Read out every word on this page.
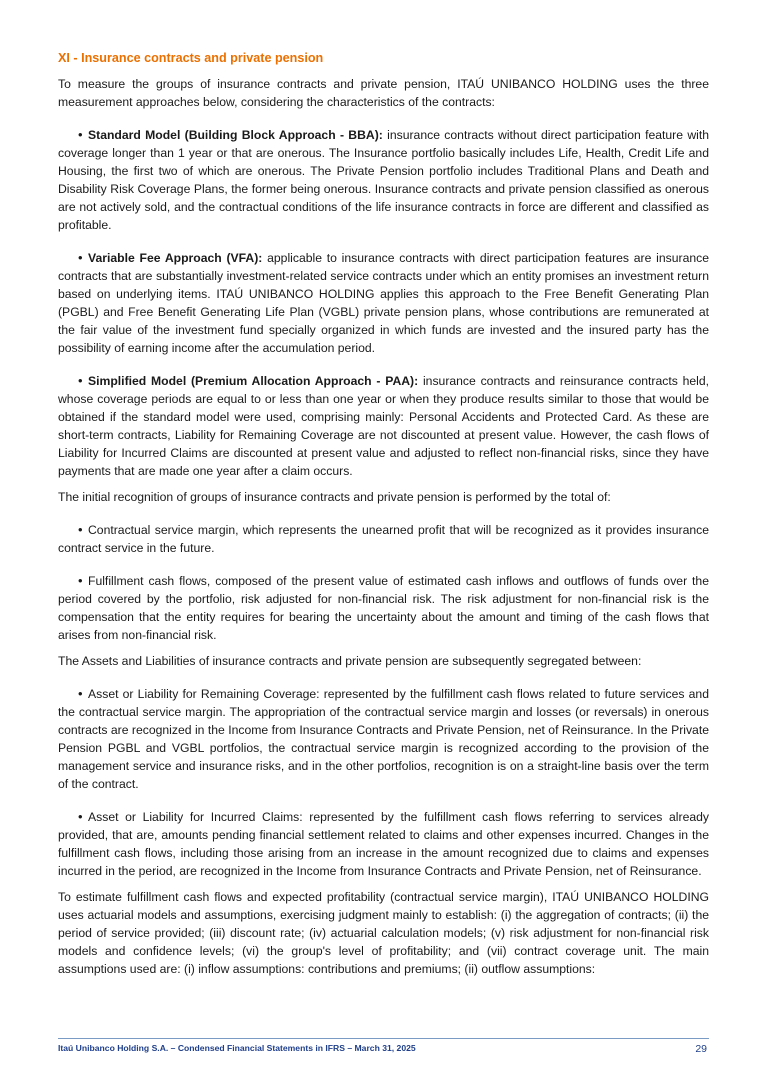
XI - Insurance contracts and private pension

To measure the groups of insurance contracts and private pension, ITAÚ UNIBANCO HOLDING uses the three measurement approaches below, considering the characteristics of the contracts:

• Standard Model (Building Block Approach - BBA): insurance contracts without direct participation feature with coverage longer than 1 year or that are onerous. The Insurance portfolio basically includes Life, Health, Credit Life and Housing, the first two of which are onerous. The Private Pension portfolio includes Traditional Plans and Death and Disability Risk Coverage Plans, the former being onerous. Insurance contracts and private pension classified as onerous are not actively sold, and the contractual conditions of the life insurance contracts in force are different and classified as profitable.

• Variable Fee Approach (VFA): applicable to insurance contracts with direct participation features are insurance contracts that are substantially investment-related service contracts under which an entity promises an investment return based on underlying items. ITAÚ UNIBANCO HOLDING applies this approach to the Free Benefit Generating Plan (PGBL) and Free Benefit Generating Life Plan (VGBL) private pension plans, whose contributions are remunerated at the fair value of the investment fund specially organized in which funds are invested and the insured party has the possibility of earning income after the accumulation period.

• Simplified Model (Premium Allocation Approach - PAA): insurance contracts and reinsurance contracts held, whose coverage periods are equal to or less than one year or when they produce results similar to those that would be obtained if the standard model were used, comprising mainly: Personal Accidents and Protected Card. As these are short-term contracts, Liability for Remaining Coverage are not discounted at present value. However, the cash flows of Liability for Incurred Claims are discounted at present value and adjusted to reflect non-financial risks, since they have payments that are made one year after a claim occurs.

The initial recognition of groups of insurance contracts and private pension is performed by the total of:

• Contractual service margin, which represents the unearned profit that will be recognized as it provides insurance contract service in the future.

• Fulfillment cash flows, composed of the present value of estimated cash inflows and outflows of funds over the period covered by the portfolio, risk adjusted for non-financial risk. The risk adjustment for non-financial risk is the compensation that the entity requires for bearing the uncertainty about the amount and timing of the cash flows that arises from non-financial risk.

The Assets and Liabilities of insurance contracts and private pension are subsequently segregated between:

• Asset or Liability for Remaining Coverage: represented by the fulfillment cash flows related to future services and the contractual service margin. The appropriation of the contractual service margin and losses (or reversals) in onerous contracts are recognized in the Income from Insurance Contracts and Private Pension, net of Reinsurance. In the Private Pension PGBL and VGBL portfolios, the contractual service margin is recognized according to the provision of the management service and insurance risks, and in the other portfolios, recognition is on a straight-line basis over the term of the contract.

• Asset or Liability for Incurred Claims: represented by the fulfillment cash flows referring to services already provided, that are, amounts pending financial settlement related to claims and other expenses incurred. Changes in the fulfillment cash flows, including those arising from an increase in the amount recognized due to claims and expenses incurred in the period, are recognized in the Income from Insurance Contracts and Private Pension, net of Reinsurance.

To estimate fulfillment cash flows and expected profitability (contractual service margin), ITAÚ UNIBANCO HOLDING uses actuarial models and assumptions, exercising judgment mainly to establish: (i) the aggregation of contracts; (ii) the period of service provided; (iii) discount rate; (iv) actuarial calculation models; (v) risk adjustment for non-financial risk models and confidence levels; (vi) the group's level of profitability; and (vii) contract coverage unit. The main assumptions used are: (i) inflow assumptions: contributions and premiums; (ii) outflow assumptions:

Itaú Unibanco Holding S.A. – Condensed Financial Statements in IFRS – March 31, 2025	29
